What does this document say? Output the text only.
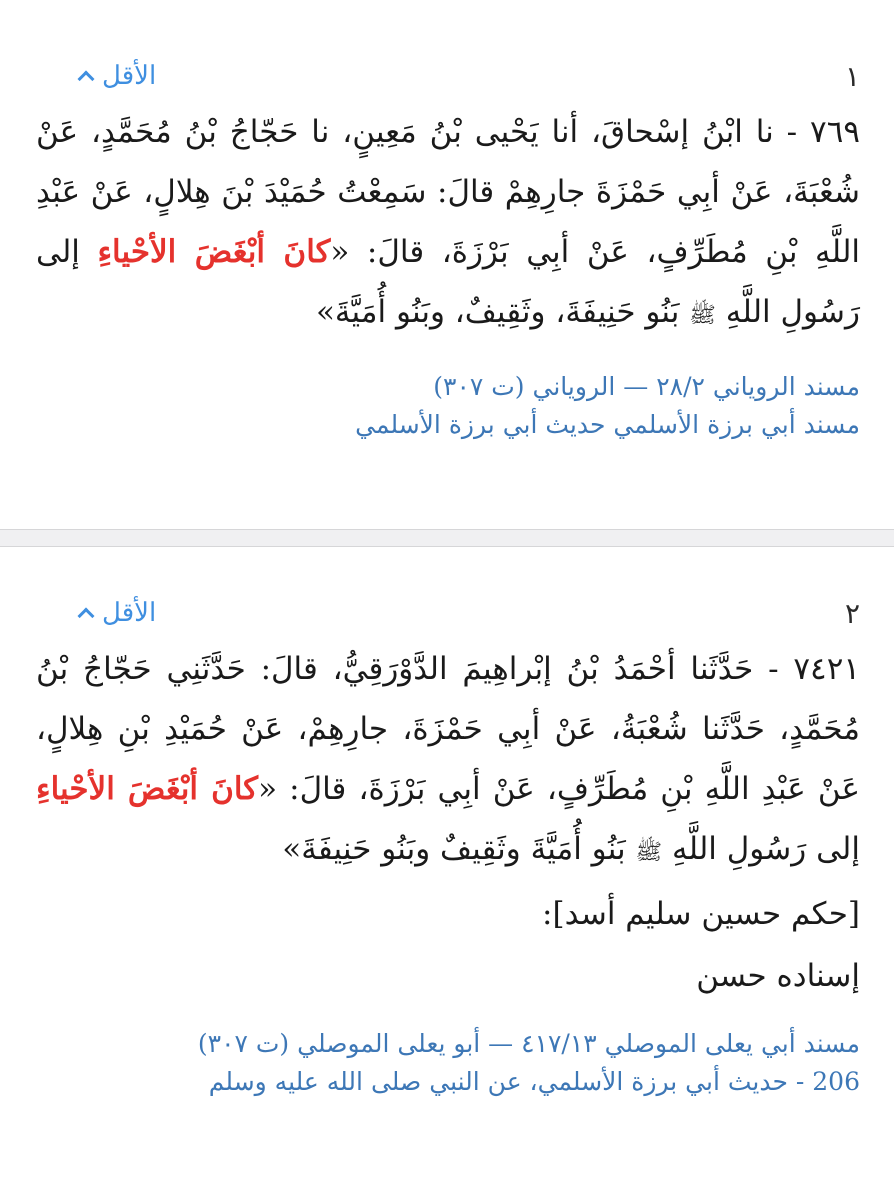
١
الأقل

٧٦٩ - نا ابْنُ إسْحاقَ، أنا يَحْيى بْنُ مَعِينٍ، نا حَجّاجُ بْنُ مُحَمَّدٍ، عَنْ شُعْبَةَ، عَنْ أبِي حَمْزَةَ جارِهِمْ قالَ: سَمِعْتُ حُمَيْدَ بْنَ هِلالٍ، عَنْ عَبْدِ اللَّهِ بْنِ مُطَرِّفٍ، عَنْ أبِي بَرْزَةَ، قالَ: «كانَ أبْغَضَ الأحْياءِ إلى رَسُولِ اللَّهِ ﷺ بَنُو حَنِيفَةَ، وثَقِيفٌ، وبَنُو أُمَيَّةَ»

مسند الروياني ٢٨/٢ — الروياني (ت ٣٠٧)
مسند أبي برزة الأسلمي حديث أبي برزة الأسلمي
٢
الأقل

٧٤٢١ - حَدَّثَنا أحْمَدُ بْنُ إبْراهِيمَ الدَّوْرَقِيُّ، قالَ: حَدَّثَنِي حَجّاجُ بْنُ مُحَمَّدٍ، حَدَّثَنا شُعْبَةُ، عَنْ أبِي حَمْزَةَ، جارِهِمْ، عَنْ حُمَيْدِ بْنِ هِلالٍ، عَنْ عَبْدِ اللَّهِ بْنِ مُطَرِّفٍ، عَنْ أبِي بَرْزَةَ، قالَ: «كانَ أبْغَضَ الأحْياءِ إلى رَسُولِ اللَّهِ ﷺ بَنُو أُمَيَّةَ وثَقِيفٌ وبَنُو حَنِيفَةَ»

[حكم حسين سليم أسد]:

إسناده حسن

مسند أبي يعلى الموصلي ٤١٧/١٣ — أبو يعلى الموصلي (ت ٣٠٧)
206 - حديث أبي برزة الأسلمي، عن النبي صلى الله عليه وسلم
